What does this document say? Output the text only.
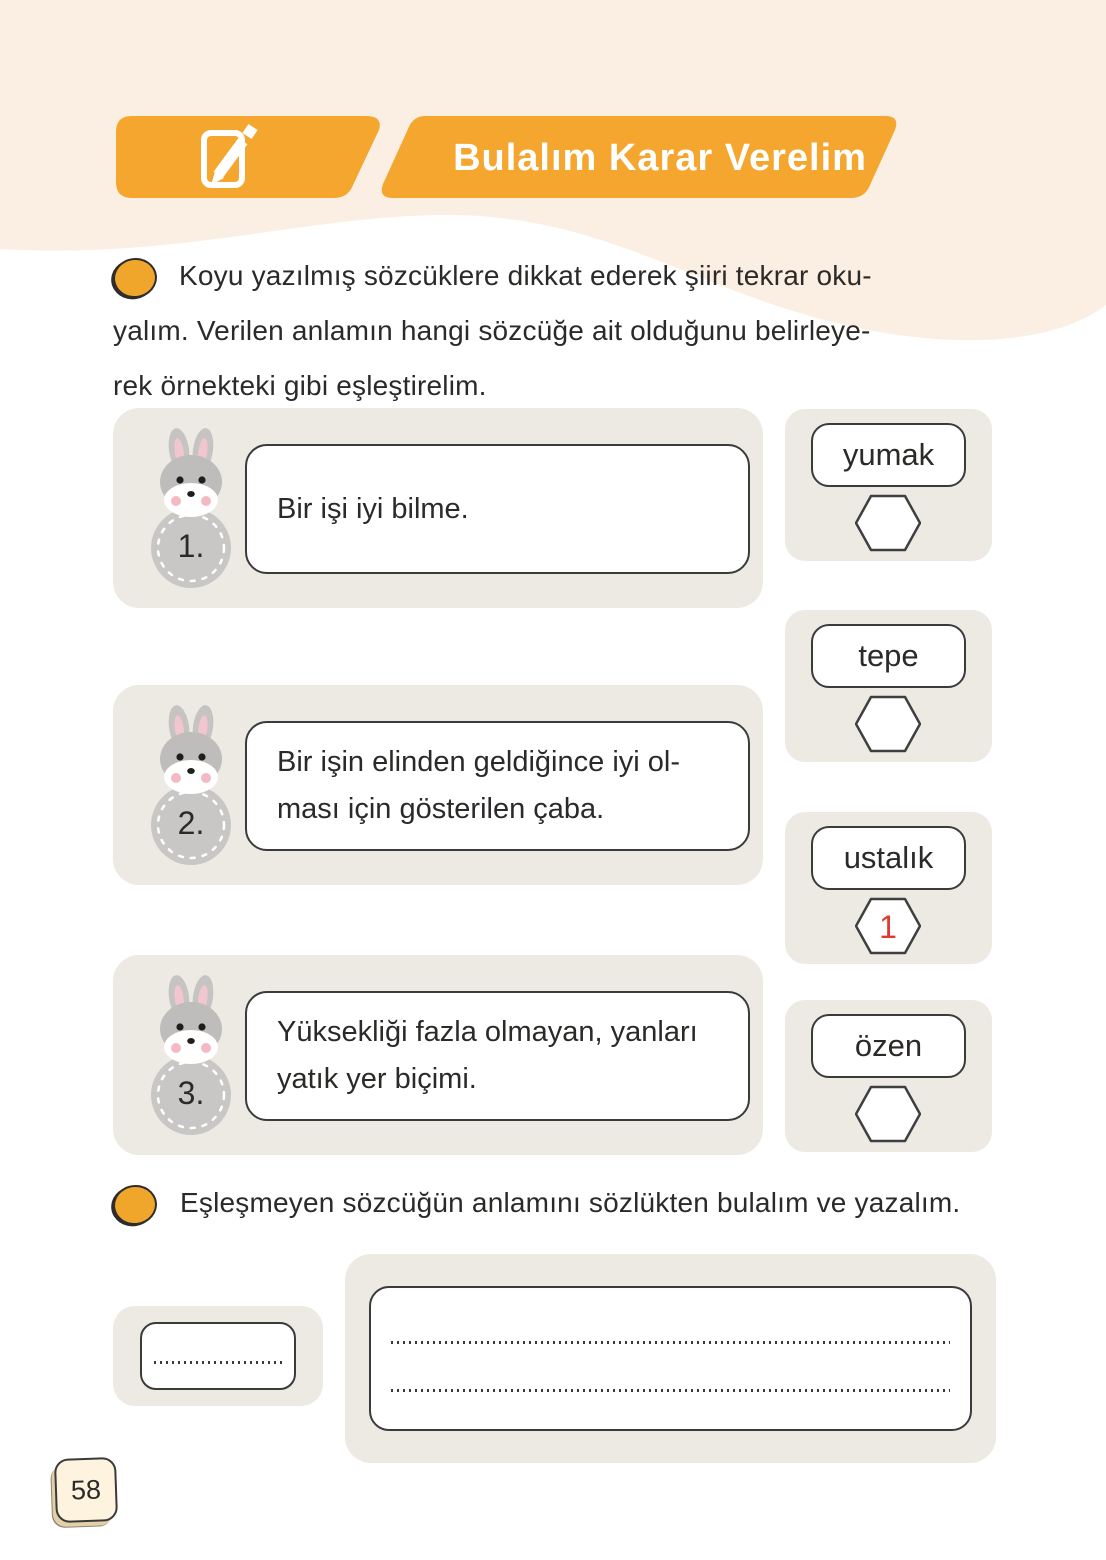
Bulalım Karar Verelim
Koyu yazılmış sözcüklere dikkat ederek şiiri tekrar oku-
yalım. Verilen anlamın hangi sözcüğe ait olduğunu belirleye-
rek örnekteki gibi eşleştirelim.
1.
Bir işi iyi bilme.
2.
Bir işin elinden geldiğince iyi ol-
ması için gösterilen çaba.
3.
Yüksekliği fazla olmayan, yanları
yatık yer biçimi.
yumak
tepe
ustalık
1
özen
Eşleşmeyen sözcüğün anlamını sözlükten bulalım ve yazalım.
58
